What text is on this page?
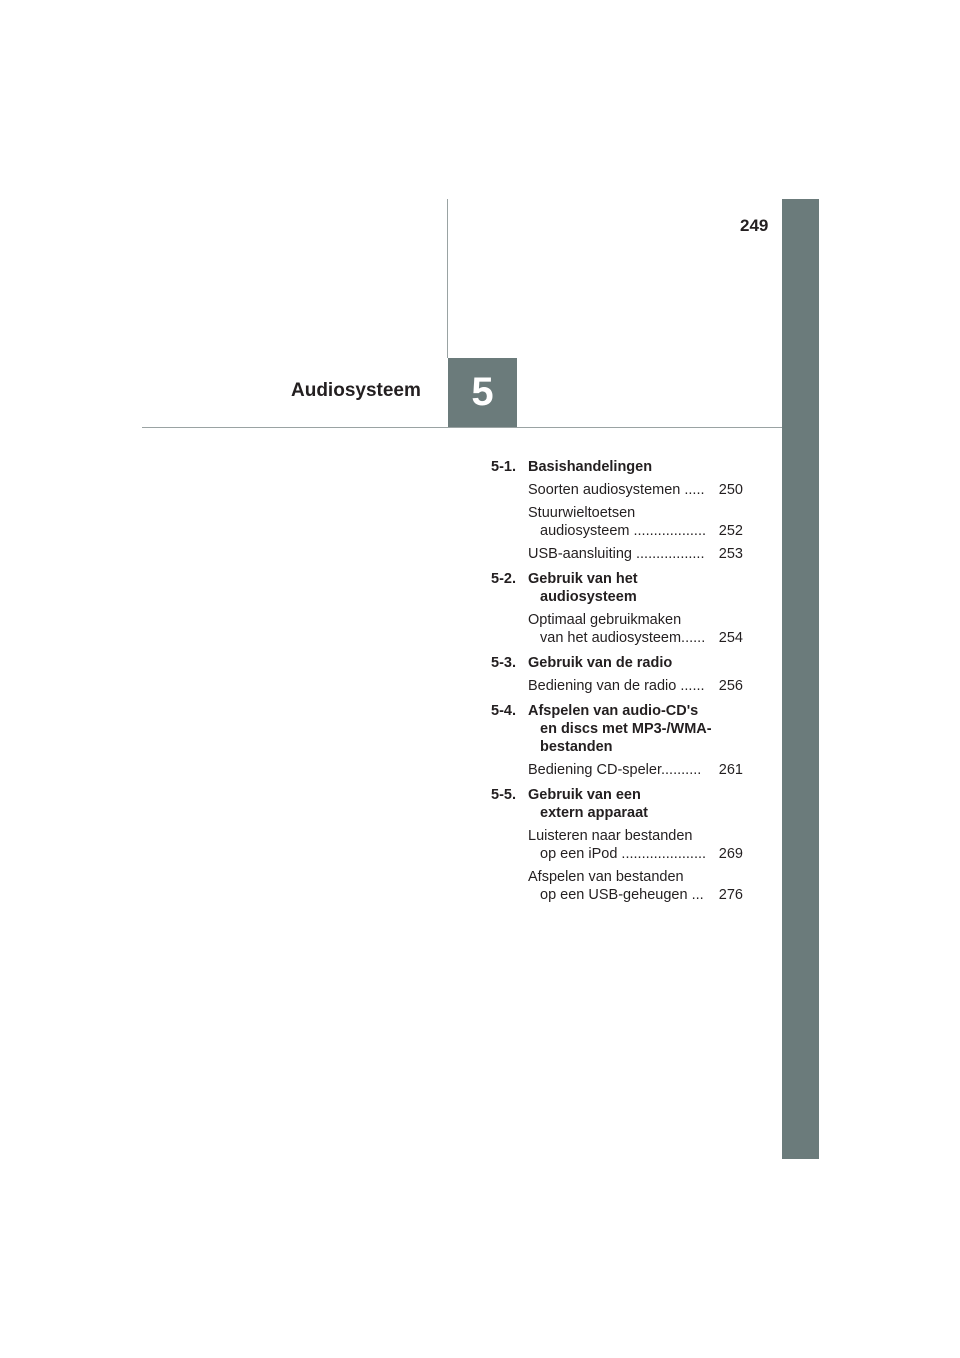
249
Audiosysteem	5
5-1. Basishandelingen
Soorten audiosystemen ..... 250
Stuurwieltoetsen
audiosysteem .................. 252
USB-aansluiting ................. 253
5-2. Gebruik van het
audiosysteem
Optimaal gebruikmaken
van het audiosysteem...... 254
5-3. Gebruik van de radio
Bediening van de radio ...... 256
5-4. Afspelen van audio-CD's
en discs met MP3-/WMA-
bestanden
Bediening CD-speler.......... 261
5-5. Gebruik van een
extern apparaat
Luisteren naar bestanden
op een iPod ..................... 269
Afspelen van bestanden
op een USB-geheugen ... 276
